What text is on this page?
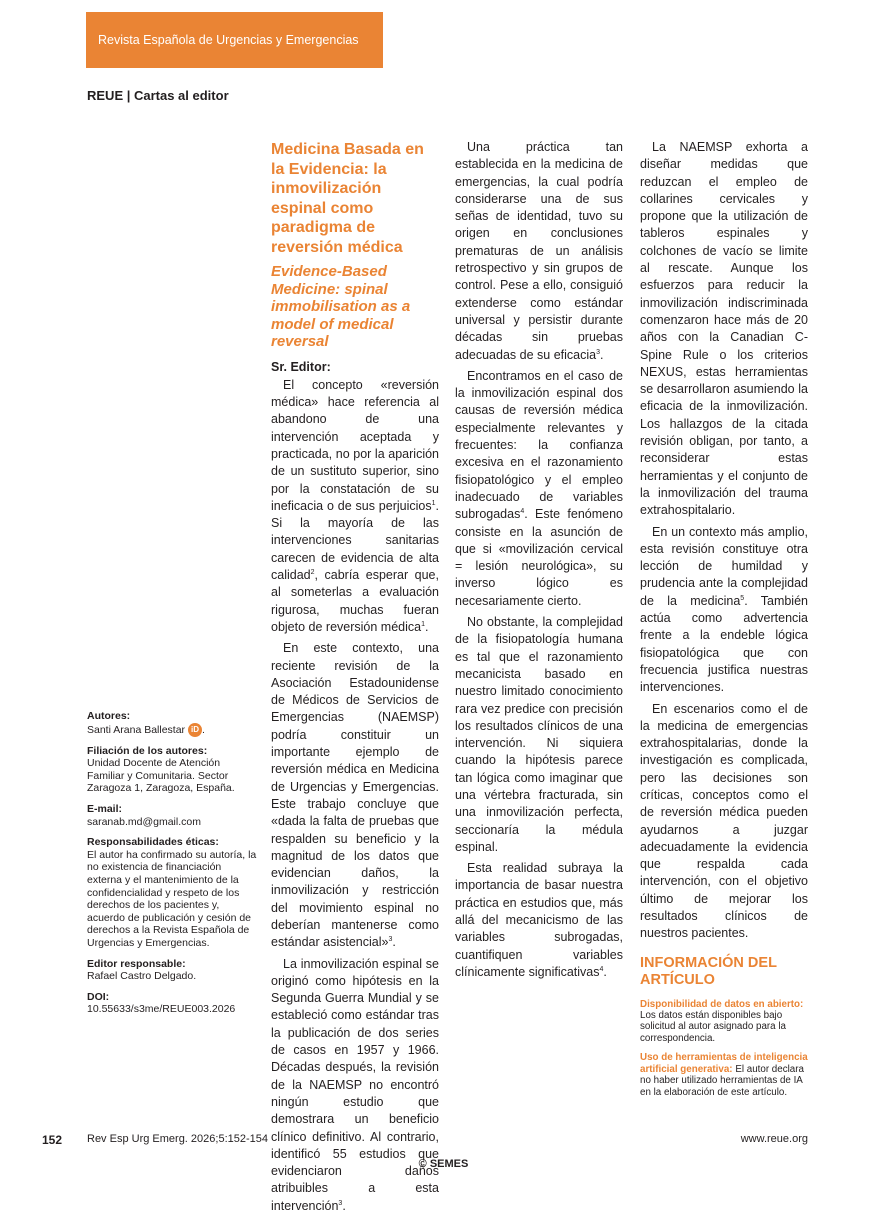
Revista Española de Urgencias y Emergencias
REUE | Cartas al editor
Autores:
Santi Arana Ballestar iD .
Filiación de los autores:
Unidad Docente de Atención Familiar y Comunitaria. Sector Zaragoza 1, Zaragoza, España.
E-mail:
saranab.md@gmail.com
Responsabilidades éticas:
El autor ha confirmado su autoría, la no existencia de financiación externa y el mantenimiento de la confidencialidad y respeto de los derechos de los pacientes y, acuerdo de publicación y cesión de derechos a la Revista Española de Urgencias y Emergencias.
Editor responsable:
Rafael Castro Delgado.
DOI:
10.55633/s3me/REUE003.2026
Medicina Basada en la Evidencia: la inmovilización espinal como paradigma de reversión médica
Evidence-Based Medicine: spinal immobilisation as a model of medical reversal
Sr. Editor:

El concepto «reversión médica» hace referencia al abandono de una intervención aceptada y practicada, no por la aparición de un sustituto superior, sino por la constatación de su ineficacia o de sus perjuicios$^1$. Si la mayoría de las intervenciones sanitarias carecen de evidencia de alta calidad$^2$, cabría esperar que, al someterlas a evaluación rigurosa, muchas fueran objeto de reversión médica$^1$.

En este contexto, una reciente revisión de la Asociación Estadounidense de Médicos de Servicios de Emergencias (NAEMSP) podría constituir un importante ejemplo de reversión médica en Medicina de Urgencias y Emergencias. Este trabajo concluye que «dada la falta de pruebas que respalden su beneficio y la magnitud de los datos que evidencian daños, la inmovilización y restricción del movimiento espinal no deberían mantenerse como estándar asistencial»$^3$.

La inmovilización espinal se originó como hipótesis en la Segunda Guerra Mundial y se estableció como estándar tras la publicación de dos series de casos en 1957 y 1966. Décadas después, la revisión de la NAEMSP no encontró ningún estudio que demostrara un beneficio clínico definitivo. Al contrario, identificó 55 estudios que evidenciaron daños atribuibles a esta intervención$^3$.

Una práctica tan establecida en la medicina de emergencias, la cual podría considerarse una de sus señas de identidad, tuvo su origen en conclusiones prematuras de un análisis retrospectivo y sin grupos de control. Pese a ello, consiguió extenderse como estándar universal y persistir durante décadas sin pruebas adecuadas de su eficacia$^3$.

Encontramos en el caso de la inmovilización espinal dos causas de reversión médica especialmente relevantes y frecuentes: la confianza excesiva en el razonamiento fisiopatológico y el empleo inadecuado de variables subrogadas$^4$. Este fenómeno consiste en la asunción de que si «movilización cervical = lesión neurológica», su inverso lógico es necesariamente cierto.

No obstante, la complejidad de la fisiopatología humana es tal que el razonamiento mecanicista basado en nuestro limitado conocimiento rara vez predice con precisión los resultados clínicos de una intervención. Ni siquiera cuando la hipótesis parece tan lógica como imaginar que una vértebra fracturada, sin una inmovilización perfecta, seccionaría la médula espinal.

Esta realidad subraya la importancia de basar nuestra práctica en estudios que, más allá del mecanicismo de las variables subrogadas, cuantifiquen variables clínicamente significativas$^4$.

La NAEMSP exhorta a diseñar medidas que reduzcan el empleo de collarines cervicales y propone que la utilización de tableros espinales y colchones de vacío se limite al rescate. Aunque los esfuerzos para reducir la inmovilización indiscriminada comenzaron hace más de 20 años con la Canadian C-Spine Rule o los criterios NEXUS, estas herramientas se desarrollaron asumiendo la eficacia de la inmovilización. Los hallazgos de la citada revisión obligan, por tanto, a reconsiderar estas herramientas y el conjunto de la inmovilización del trauma extrahospitalario.

En un contexto más amplio, esta revisión constituye otra lección de humildad y prudencia ante la complejidad de la medicina$^5$. También actúa como advertencia frente a la endeble lógica fisiopatológica que con frecuencia justifica nuestras intervenciones.

En escenarios como el de la medicina de emergencias extrahospitalarias, donde la investigación es complicada, pero las decisiones son críticas, conceptos como el de reversión médica pueden ayudarnos a juzgar adecuadamente la evidencia que respalda cada intervención, con el objetivo último de mejorar los resultados clínicos de nuestros pacientes.

INFORMACIÓN DEL ARTÍCULO
Disponibilidad de datos en abierto: Los datos están disponibles bajo solicitud al autor asignado para la correspondencia.
Uso de herramientas de inteligencia artificial generativa: El autor declara no haber utilizado herramientas de IA en la elaboración de este artículo.
152 Rev Esp Urg Emerg. 2026;5:152-154	www.reue.org
© SEMES
